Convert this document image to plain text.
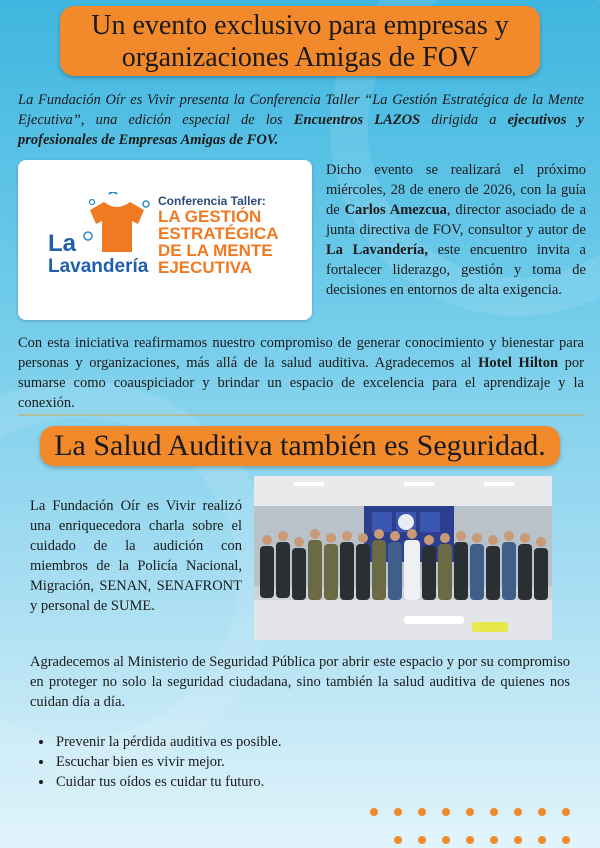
Un evento exclusivo para empresas y organizaciones Amigas de FOV
La Fundación Oír es Vivir presenta la Conferencia Taller “La Gestión Estratégica de la Mente Ejecutiva”, una edición especial de los Encuentros LAZOS dirigida a ejecutivos y profesionales de Empresas Amigas de FOV.
La
Lavandería
Conferencia Taller:
LA GESTIÓN
ESTRATÉGICA
DE LA MENTE
EJECUTIVA
Dicho evento se realizará el próximo miércoles, 28 de enero de 2026, con la guía de Carlos Amezcua, director asociado de a junta directiva de FOV, consultor y autor de La Lavandería, este encuentro invita a fortalecer liderazgo, gestión y toma de decisiones en entornos de alta exigencia.
Con esta iniciativa reafirmamos nuestro compromiso de generar conocimiento y bienestar para personas y organizaciones, más allá de la salud auditiva. Agradecemos al Hotel Hilton por sumarse como coauspiciador y brindar un espacio de excelencia para el aprendizaje y la conexión.
La Salud Auditiva también es Seguridad.
La Fundación Oír es Vivir realizó una enriquecedora charla sobre el cuidado de la audición con miembros de la Policía Nacional, Migración, SENAN, SENAFRONT y personal de SUME.
Agradecemos al Ministerio de Seguridad Pública por abrir este espacio y por su compromiso en proteger no solo la seguridad ciudadana, sino también la salud auditiva de quienes nos cuidan día a día.
• Prevenir la pérdida auditiva es posible.
• Escuchar bien es vivir mejor.
• Cuidar tus oídos es cuidar tu futuro.
